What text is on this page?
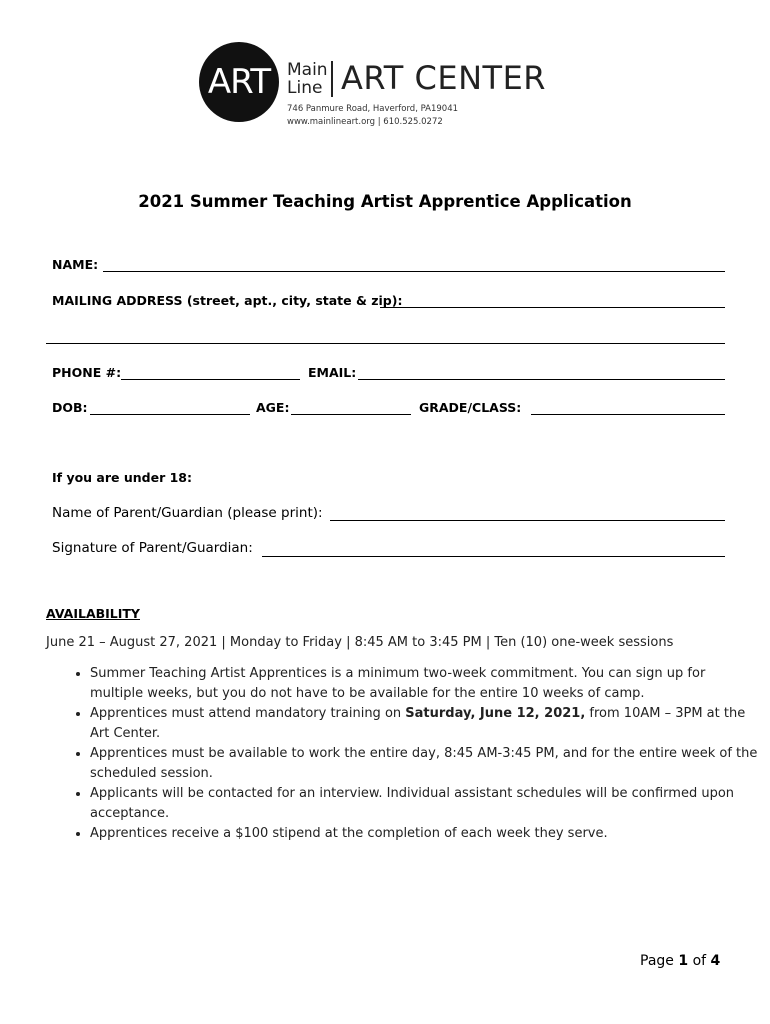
ART Main
Line ART CENTER
746 Panmure Road, Haverford, PA19041
www.mainlineart.org | 610.525.0272
2021 Summer Teaching Artist Apprentice Application
NAME:
MAILING ADDRESS (street, apt., city, state & zip):
PHONE #:	EMAIL:
DOB:	AGE:	GRADE/CLASS:
If you are under 18:
Name of Parent/Guardian (please print):
Signature of Parent/Guardian:
AVAILABILITY
June 21 – August 27, 2021 | Monday to Friday | 8:45 AM to 3:45 PM | Ten (10) one-week sessions
• Summer Teaching Artist Apprentices is a minimum two-week commitment. You can sign up for multiple weeks, but you do not have to be available for the entire 10 weeks of camp.
• Apprentices must attend mandatory training on Saturday, June 12, 2021, from 10AM – 3PM at the Art Center.
• Apprentices must be available to work the entire day, 8:45 AM-3:45 PM, and for the entire week of the scheduled session.
• Applicants will be contacted for an interview. Individual assistant schedules will be confirmed upon acceptance.
• Apprentices receive a $100 stipend at the completion of each week they serve.
Page 1 of 4
